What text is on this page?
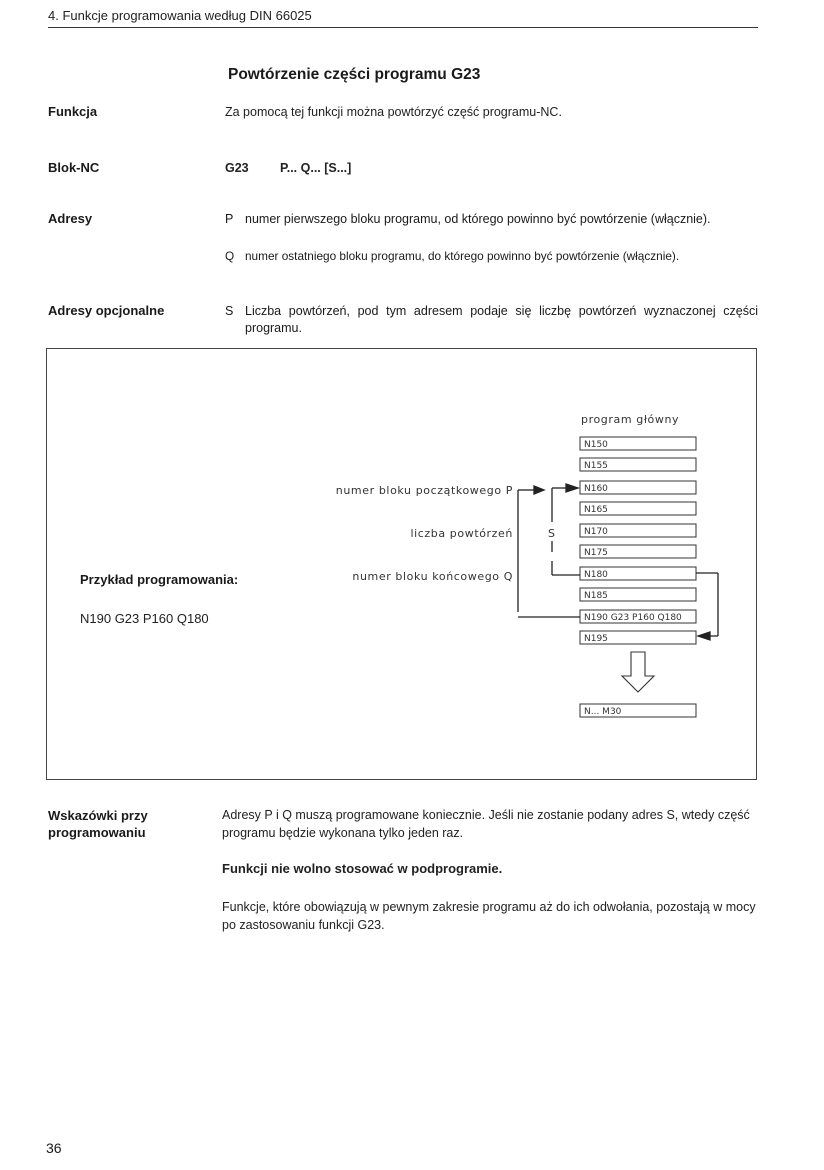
4. Funkcje programowania według DIN 66025
Powtórzenie części programu G23
Funkcja	Za pomocą tej funkcji można powtórzyć część programu-NC.
Blok-NC	G23	P... Q... [S...]
Adresy	P numer pierwszego bloku programu, od którego powinno być powtórzenie (włącznie).
Q numer ostatniego bloku programu, do którego powinno być powtórzenie (włącznie).
Adresy opcjonalne	S Liczba powtórzeń, pod tym adresem podaje się liczbę powtórzeń wyznaczonej części programu.
Przykład programowania:
N190 G23 P160 Q180
program główny
N150
N155
N160
N165
N170
N175
N180
N185
N190 G23 P160 Q180
N195
N... M30
numer bloku początkowego P
liczba powtórzeń	S
numer bloku końcowego Q
Wskazówki przy
programowaniu
Adresy P i Q muszą programowane koniecznie. Jeśli nie zostanie podany adres S, wtedy część programu będzie wykonana tylko jeden raz.
Funkcji nie wolno stosować w podprogramie.
Funkcje, które obowiązują w pewnym zakresie programu aż do ich odwołania, pozostają w mocy po zastosowaniu funkcji G23.
36
